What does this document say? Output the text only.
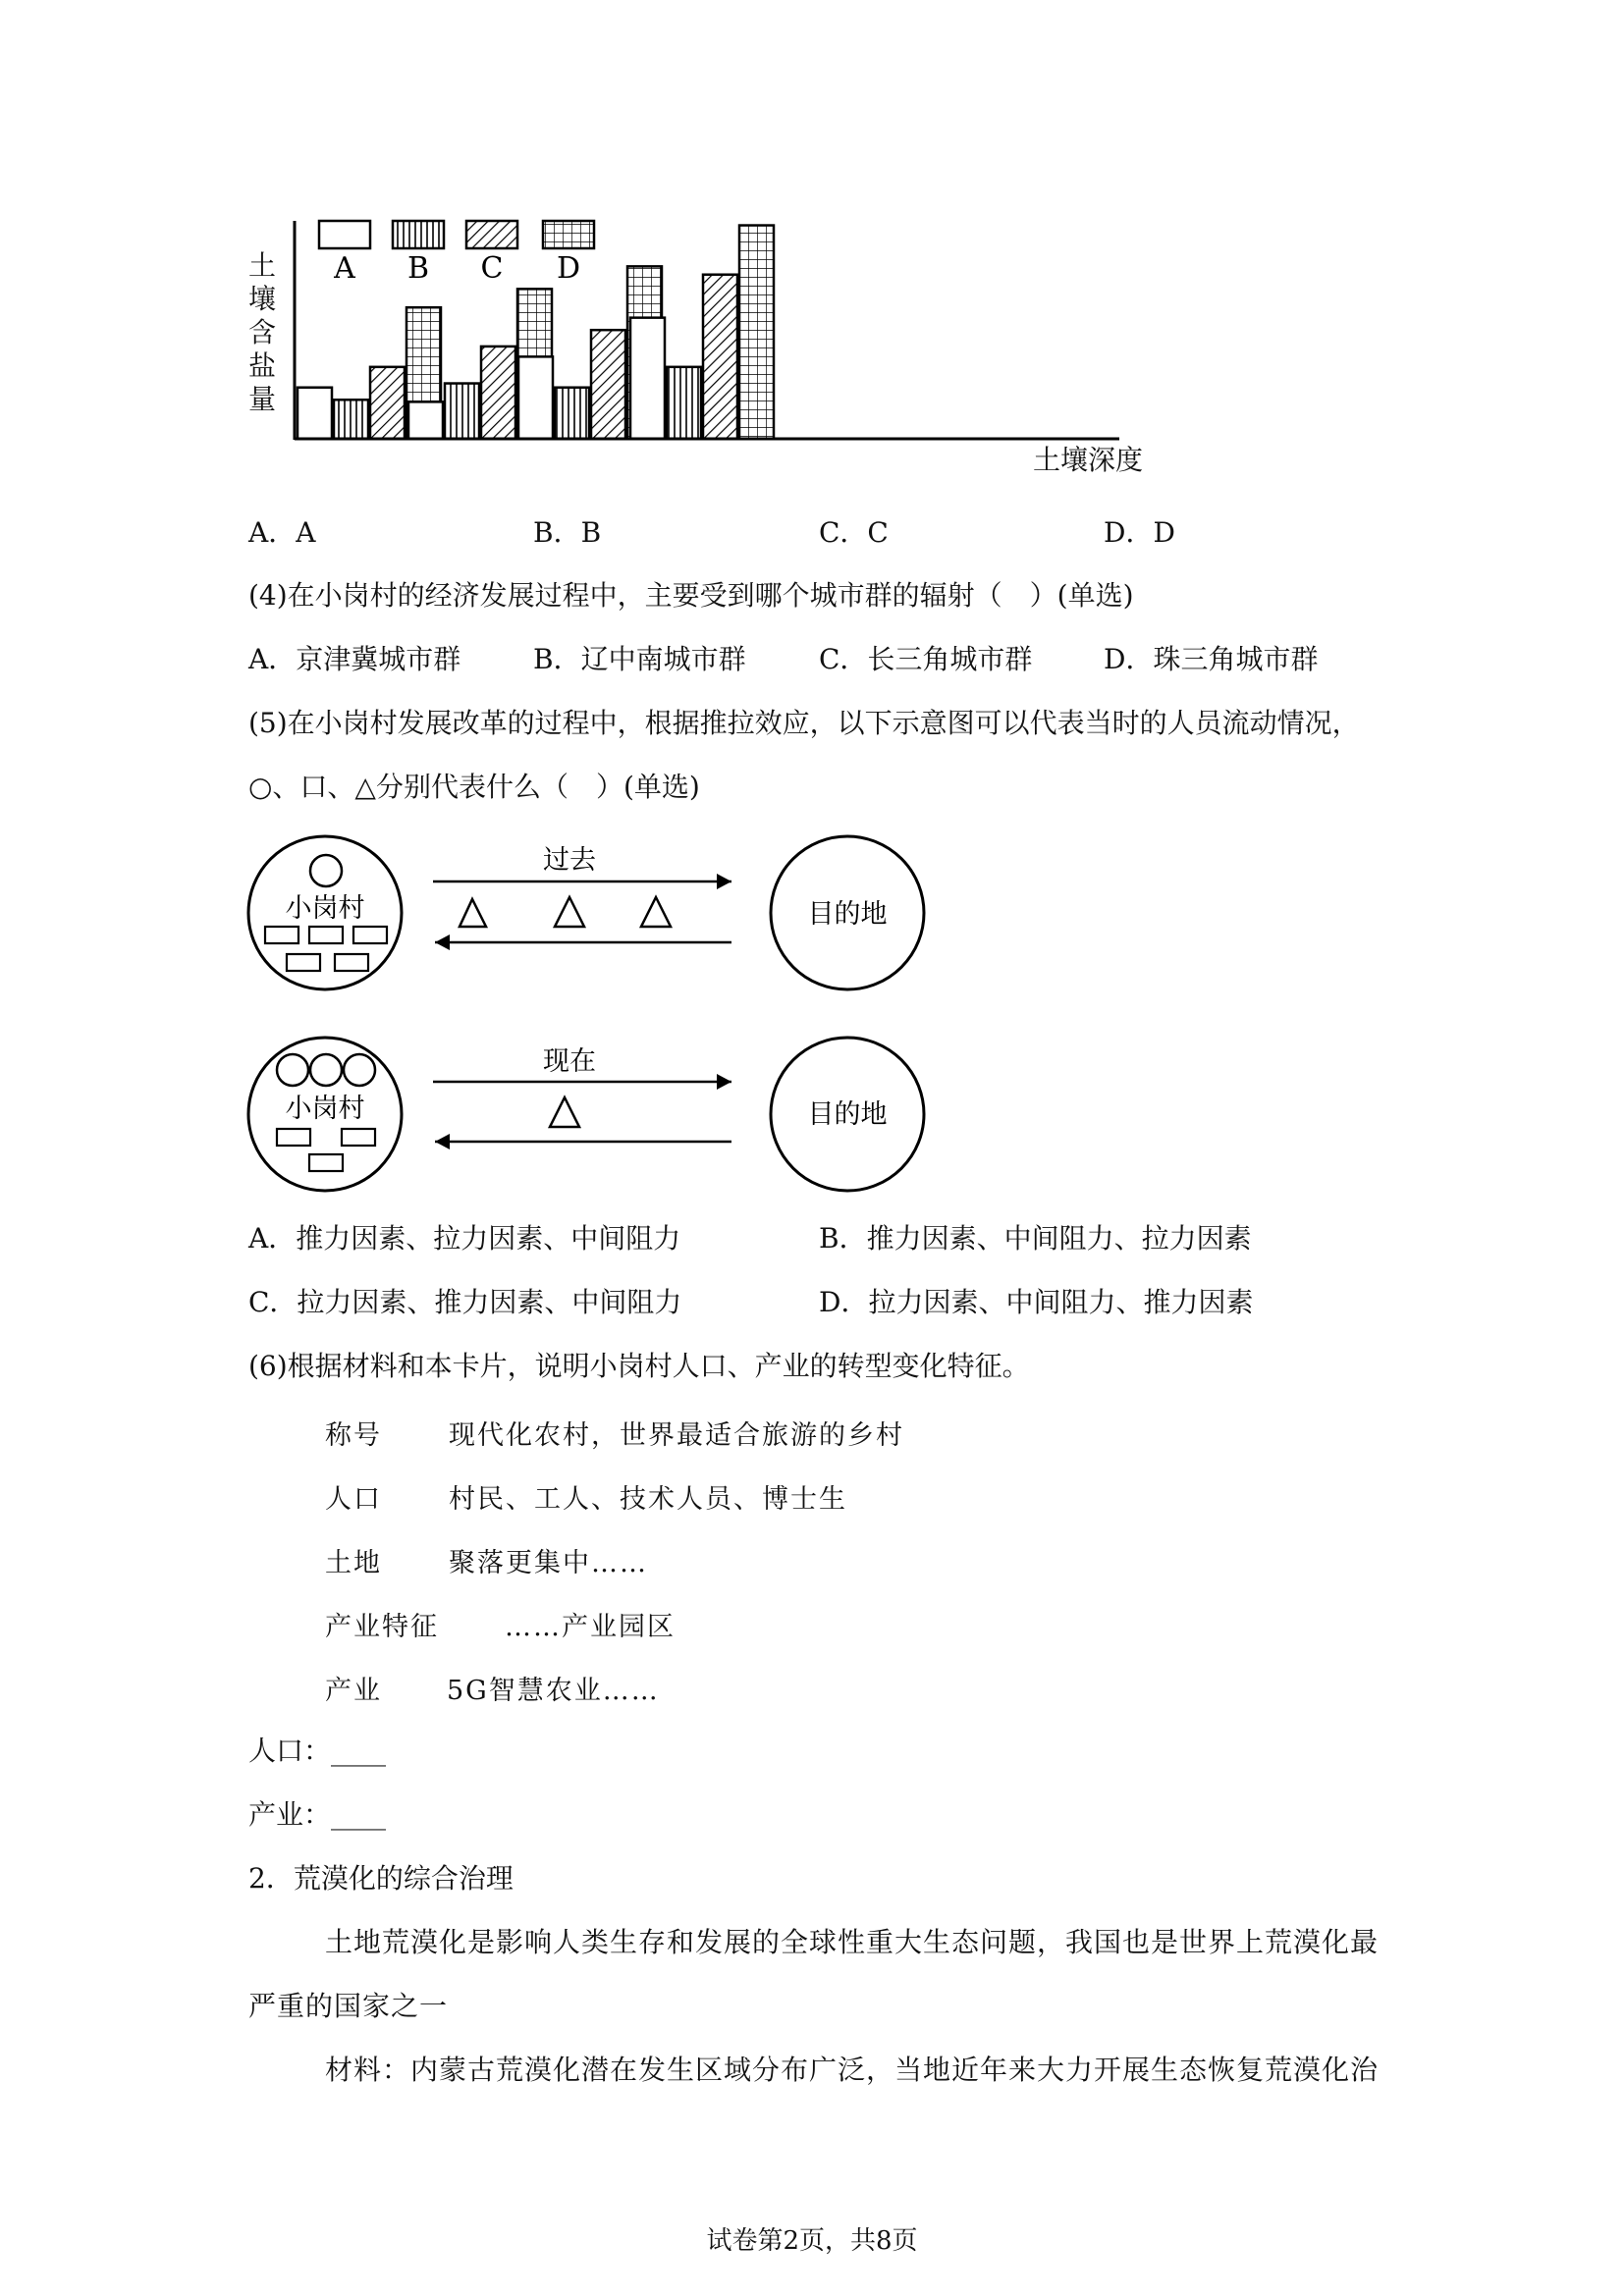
A B C D
土
壤
含
盐
量
土壤深度
A．A	B．B	C．C	D．D
(4)在小岗村的经济发展过程中，主要受到哪个城市群的辐射（　）(单选)
A．京津冀城市群	B．辽中南城市群	C．长三角城市群	D．珠三角城市群
(5)在小岗村发展改革的过程中，根据推拉效应，以下示意图可以代表当时的人员流动情况，
○、口、△分别代表什么（　）(单选)
小岗村
过去
目的地
小岗村
现在
目的地
A．推力因素、拉力因素、中间阻力	B．推力因素、中间阻力、拉力因素
C．拉力因素、推力因素、中间阻力	D．拉力因素、中间阻力、推力因素
(6)根据材料和本卡片，说明小岗村人口、产业的转型变化特征。
称号	现代化农村，世界最适合旅游的乡村
人口	村民、工人、技术人员、博士生
土地	聚落更集中……
产业特征 ……产业园区
产业 5G智慧农业……
人口：____
产业：____
2．荒漠化的综合治理
土地荒漠化是影响人类生存和发展的全球性重大生态问题，我国也是世界上荒漠化最
严重的国家之一
材料：内蒙古荒漠化潜在发生区域分布广泛，当地近年来大力开展生态恢复荒漠化治
试卷第2页，共8页
